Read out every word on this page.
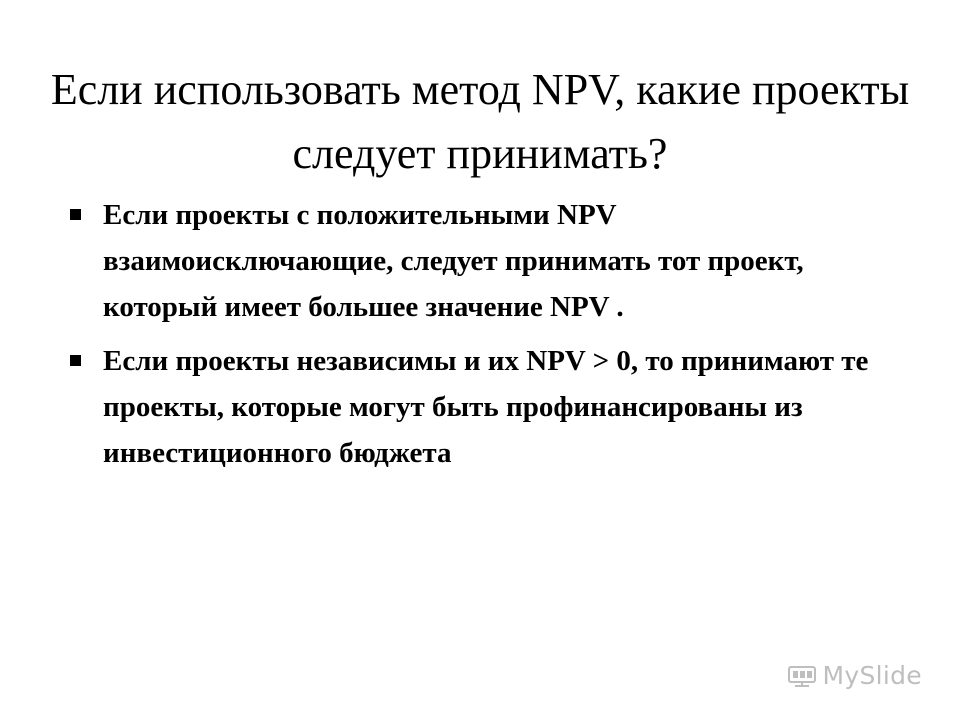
Если использовать метод NPV, какие проекты следует принимать?
Если проекты с положительными NPV взаимоисключающие, следует принимать тот проект, который имеет большее значение NPV .
Если проекты независимы и их NPV > 0, то принимают те проекты, которые могут быть профинансированы из инвестиционного бюджета
MySlide
